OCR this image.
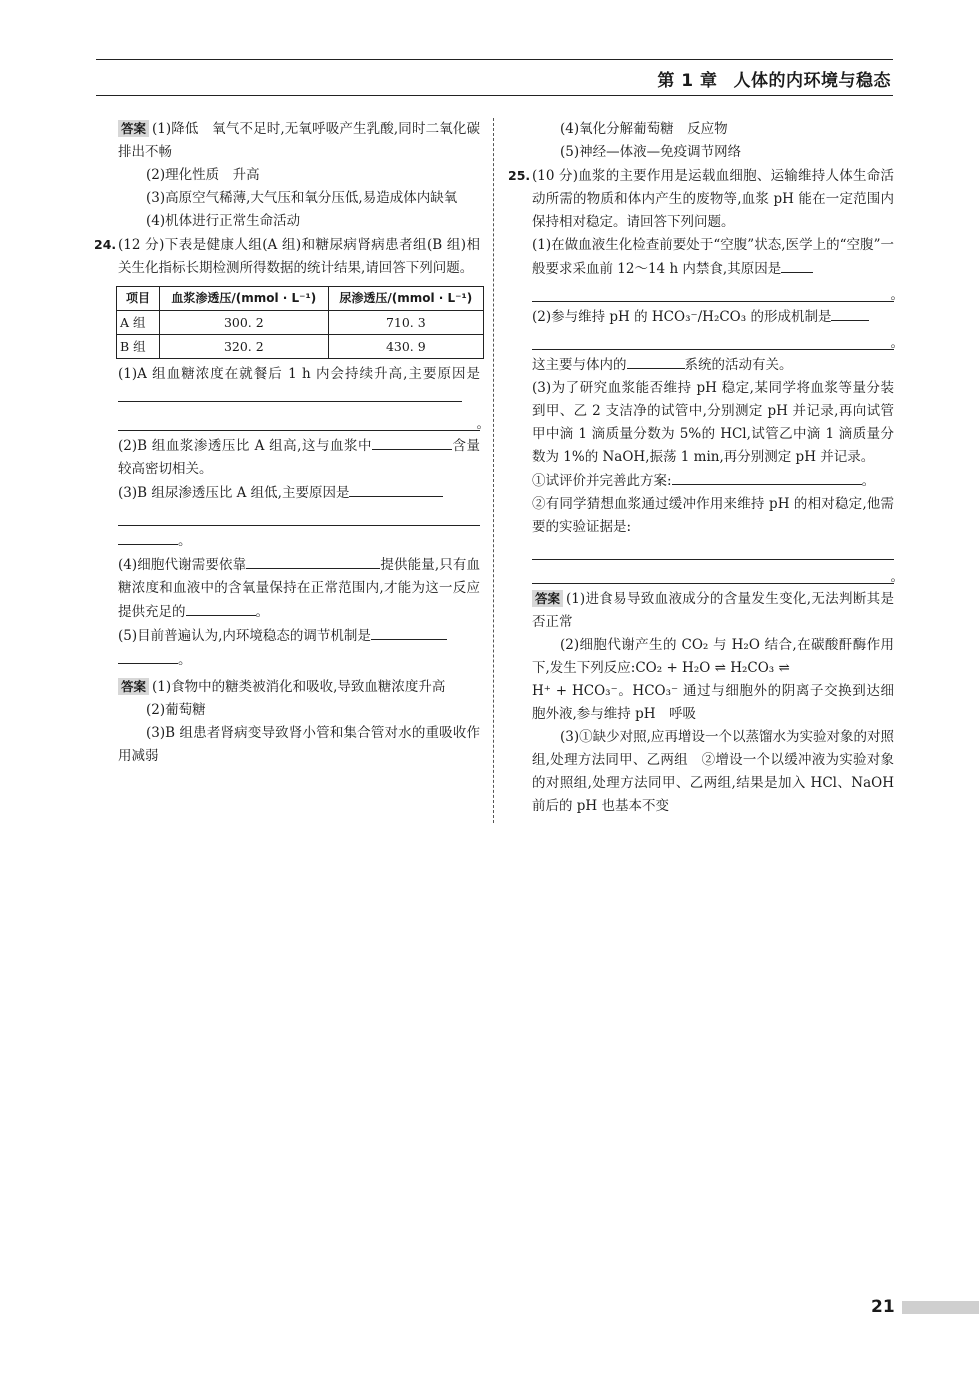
第 1 章 人体的内环境与稳态

答案 (1)降低　氧气不足时,无氧呼吸产生乳酸,同时二氧化碳排出不畅

(2)理化性质　升高

(3)高原空气稀薄,大气压和氧分压低,易造成体内缺氧

(4)机体进行正常生命活动

24. (12 分)下表是健康人组(A 组)和糖尿病肾病患者组(B 组)相关生化指标长期检测所得数据的统计结果,请回答下列问题。

项目	血浆渗透压/(mmol · L⁻¹)	尿渗透压/(mmol · L⁻¹)
A 组	300. 2	710. 3
B 组	320. 2	430. 9

(1)A 组血糖浓度在就餐后 1 h 内会持续升高,主要原因是

。

(2)B 组血浆渗透压比 A 组高,这与血浆中	含量较高密切相关。

(3)B 组尿渗透压比 A 组低,主要原因是

。

(4)细胞代谢需要依靠	提供能量,只有血糖浓度和血液中的含氧量保持在正常范围内,才能为这一反应提供充足的	。

(5)目前普遍认为,内环境稳态的调节机制是

。

答案 (1)食物中的糖类被消化和吸收,导致血糖浓度升高

(2)葡萄糖

(3)B 组患者肾病变导致肾小管和集合管对水的重吸收作用减弱

(4)氧化分解葡萄糖　反应物

(5)神经—体液—免疫调节网络

25. (10 分)血浆的主要作用是运载血细胞、运输维持人体生命活动所需的物质和体内产生的废物等,血浆 pH 能在一定范围内保持相对稳定。请回答下列问题。

(1)在做血液生化检查前要处于“空腹”状态,医学上的“空腹”一般要求采血前 12～14 h 内禁食,其原因是

。

(2)参与维持 pH 的 HCO₃⁻/H₂CO₃ 的形成机制是

。

这主要与体内的	系统的活动有关。

(3)为了研究血浆能否维持 pH 稳定,某同学将血浆等量分装到甲、乙 2 支洁净的试管中,分别测定 pH 并记录,再向试管甲中滴 1 滴质量分数为 5%的 HCl,试管乙中滴 1 滴质量分数为 1%的 NaOH,振荡 1 min,再分别测定 pH 并记录。

①试评价并完善此方案:	。

②有同学猜想血浆通过缓冲作用来维持 pH 的相对稳定,他需要的实验证据是:

。

答案 (1)进食易导致血液成分的含量发生变化,无法判断其是否正常

(2)细胞代谢产生的 CO₂ 与 H₂O 结合,在碳酸酐酶作用下,发生下列反应:CO₂ + H₂O ⇌ H₂CO₃ ⇌

H⁺ + HCO₃⁻。HCO₃⁻ 通过与细胞外的阴离子交换到达细胞外液,参与维持 pH　呼吸

(3)①缺少对照,应再增设一个以蒸馏水为实验对象的对照组,处理方法同甲、乙两组　②增设一个以缓冲液为实验对象的对照组,处理方法同甲、乙两组,结果是加入 HCl、NaOH 前后的 pH 也基本不变

21
